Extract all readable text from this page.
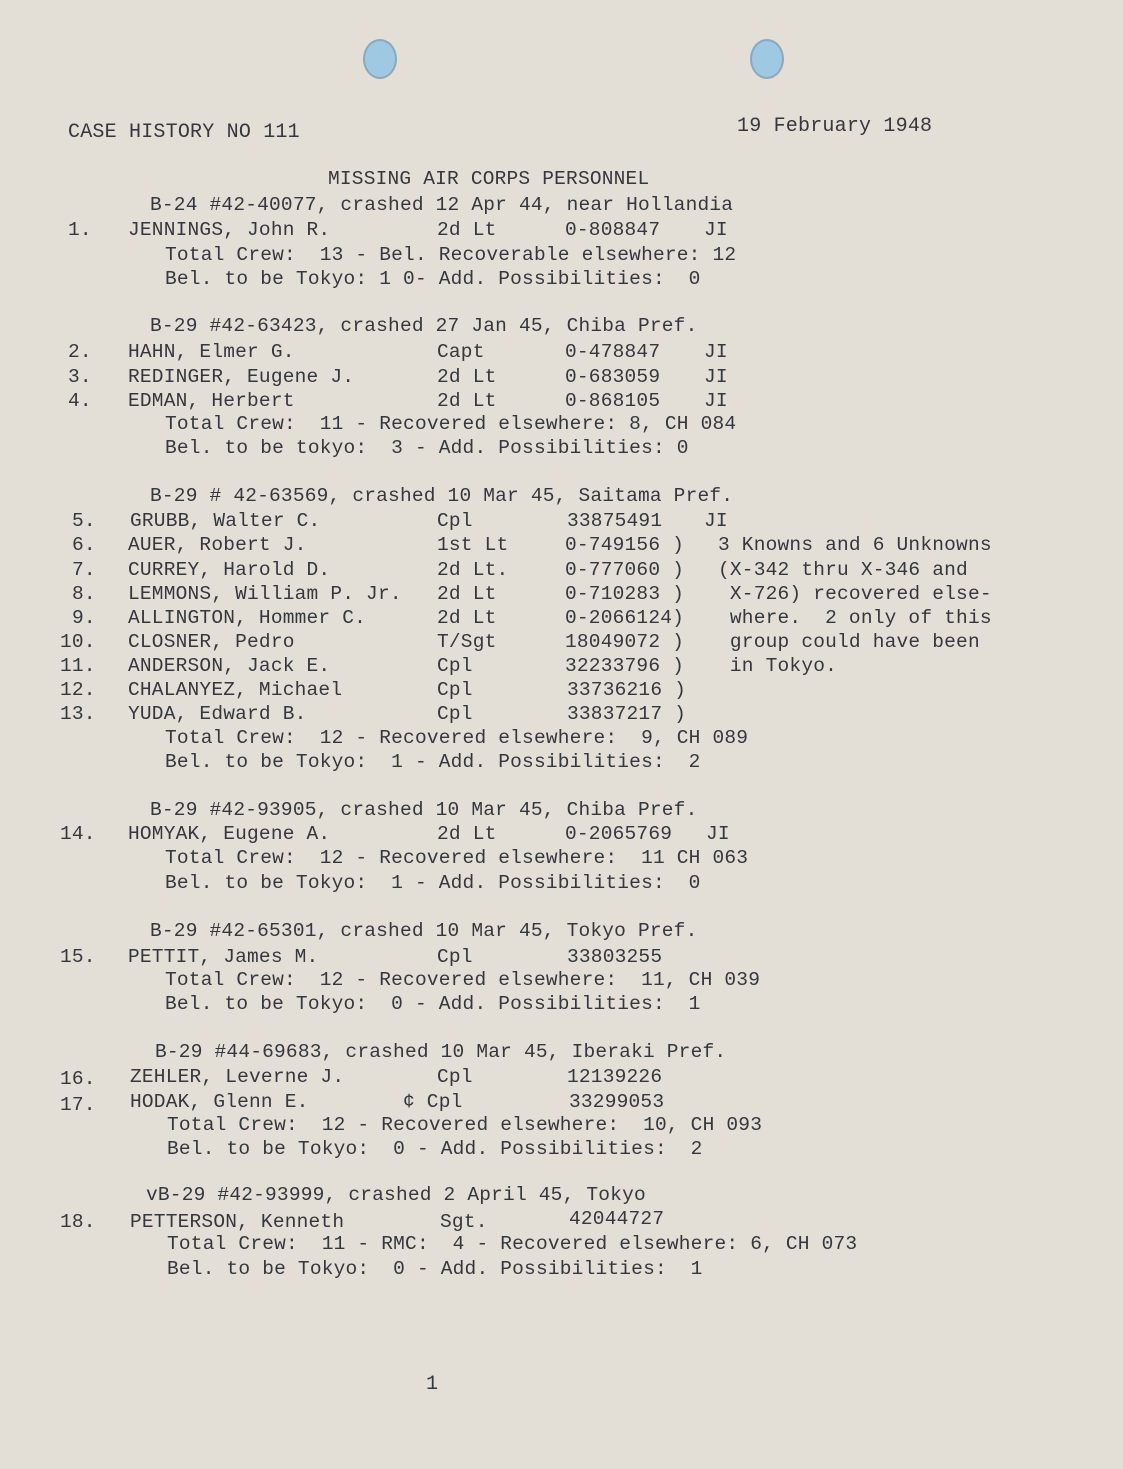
CASE HISTORY NO 111	19 February 1948
MISSING AIR CORPS PERSONNEL
B-24 #42-40077, crashed 12 Apr 44, near Hollandia
1. JENNINGS, John R.	2d Lt	0-808847 JI
Total Crew:  13 - Bel. Recoverable elsewhere: 12
Bel. to be Tokyo: 1 0- Add. Possibilities:  0
B-29 #42-63423, crashed 27 Jan 45, Chiba Pref.
2. HAHN, Elmer G.	Capt	0-478847 JI
3. REDINGER, Eugene J.	2d Lt	0-683059 JI
4. EDMAN, Herbert	2d Lt	0-868105 JI
Total Crew:  11 - Recovered elsewhere: 8, CH 084
Bel. to be tokyo:  3 - Add. Possibilities: 0
B-29 # 42-63569, crashed 10 Mar 45, Saitama Pref.
5. GRUBB, Walter C.	Cpl	33875491 JI
6. AUER, Robert J.	1st Lt	0-749156 )
7. CURREY, Harold D.	2d Lt.	0-777060 )
8. LEMMONS, William P. Jr. 2d Lt	0-710283 )
9. ALLINGTON, Hommer C.	2d Lt	0-2066124)
10. CLOSNER, Pedro	T/Sgt	18049072 )
11. ANDERSON, Jack E.	Cpl	32233796 )
12. CHALANYEZ, Michael	Cpl	33736216 )
13. YUDA, Edward B.	Cpl	33837217 )
3 Knowns and 6 Unknowns
(X-342 thru X-346 and
X-726) recovered else-
where.  2 only of this
group could have been
in Tokyo.
Total Crew:  12 - Recovered elsewhere:  9, CH 089
Bel. to be Tokyo:  1 - Add. Possibilities:  2
B-29 #42-93905, crashed 10 Mar 45, Chiba Pref.
14. HOMYAK, Eugene A.	2d Lt	0-2065769 JI
Total Crew:  12 - Recovered elsewhere:  11 CH 063
Bel. to be Tokyo:  1 - Add. Possibilities:  0
B-29 #42-65301, crashed 10 Mar 45, Tokyo Pref.
15. PETTIT, James M.	Cpl	33803255
Total Crew:  12 - Recovered elsewhere:  11, CH 039
Bel. to be Tokyo:  0 - Add. Possibilities:  1
B-29 #44-69683, crashed 10 Mar 45, Iberaki Pref.
16. ZEHLER, Leverne J.	Cpl	12139226
17. HODAK, Glenn E.	¢ Cpl	33299053
Total Crew:  12 - Recovered elsewhere:  10, CH 093
Bel. to be Tokyo:  0 - Add. Possibilities:  2
vB-29 #42-93999, crashed 2 April 45, Tokyo
18. PETTERSON, Kenneth	Sgt.	42044727
Total Crew:  11 - RMC:  4 - Recovered elsewhere: 6, CH 073
Bel. to be Tokyo:  0 - Add. Possibilities:  1
1
